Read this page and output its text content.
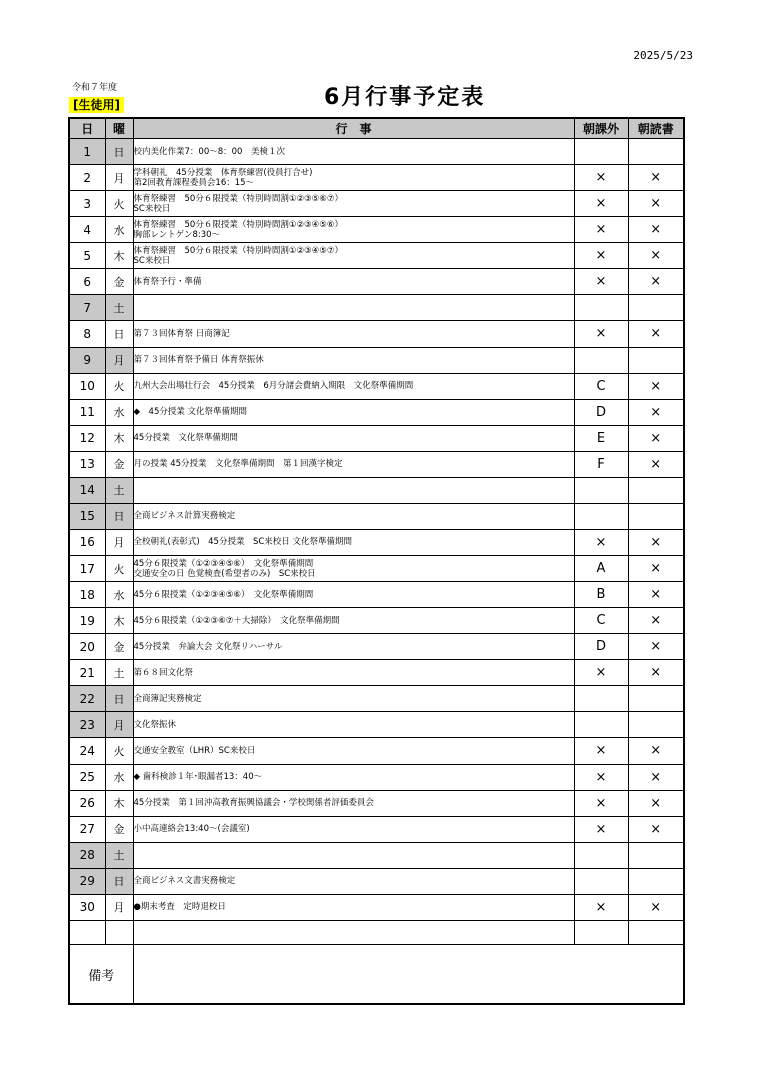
2025/5/23
令和７年度
[生徒用]	6月行事予定表
日	曜	行　事	朝課外	朝読書
1	日	校内美化作業7：00～8：00　美検１次		

2	月	学科朝礼　45分授業　体育祭練習(役員打合せ)
第2回教育課程委員会16：15～	×	×
3	火	体育祭練習　50分６限授業（特別時間割①②③⑤⑥⑦）
SC来校日	×	×
4	水	体育祭練習　50分６限授業（特別時間割①②③④⑤⑥）
胸部レントゲン8:30～	×	×
5	木	体育祭練習　50分６限授業（特別時間割①②③④⑤⑦）
SC来校日	×	×
6	金	体育祭予行・準備	×	×
7	土	

8	日	第７３回体育祭 日商簿記	×	×
9	月	第７３回体育祭予備日 体育祭振休		

10	火	九州大会出場壮行会　45分授業　6月分諸会費納入期限　文化祭準備期間	C	×
11	水	◆　45分授業 文化祭準備期間	D	×
12	木	45分授業　文化祭準備期間	E	×
13	金	月の授業 45分授業　文化祭準備期間　第１回漢字検定	F	×
14	土	

15	日	全商ビジネス計算実務検定		

16	月	全校朝礼(表彰式)　45分授業　SC来校日 文化祭準備期間	×	×
17	火	45分６限授業（①②③④⑤⑥）　文化祭準備期間
交通安全の日 色覚検査(希望者のみ)　SC来校日	A	×
18	水	45分６限授業（①②③④⑤⑥）　文化祭準備期間	B	×
19	木	45分６限授業（①②③⑥⑦＋大掃除）　文化祭準備期間	C	×
20	金	45分授業　弁論大会 文化祭リハーサル	D	×
21	土	第６８回文化祭	×	×
22	日	全商簿記実務検定		

23	月	文化祭振休		

24	火	交通安全教室（LHR）SC来校日	×	×
25	水	◆ 歯科検診１年･眼漏者13：40～	×	×
26	木	45分授業　第１回沖高教育振興協議会・学校関係者評価委員会	×	×
27	金	小中高連絡会13:40～(会議室)	×	×
28	土	

29	日	全商ビジネス文書実務検定		

30	月	●期末考査　定時退校日	×	×

備考				
